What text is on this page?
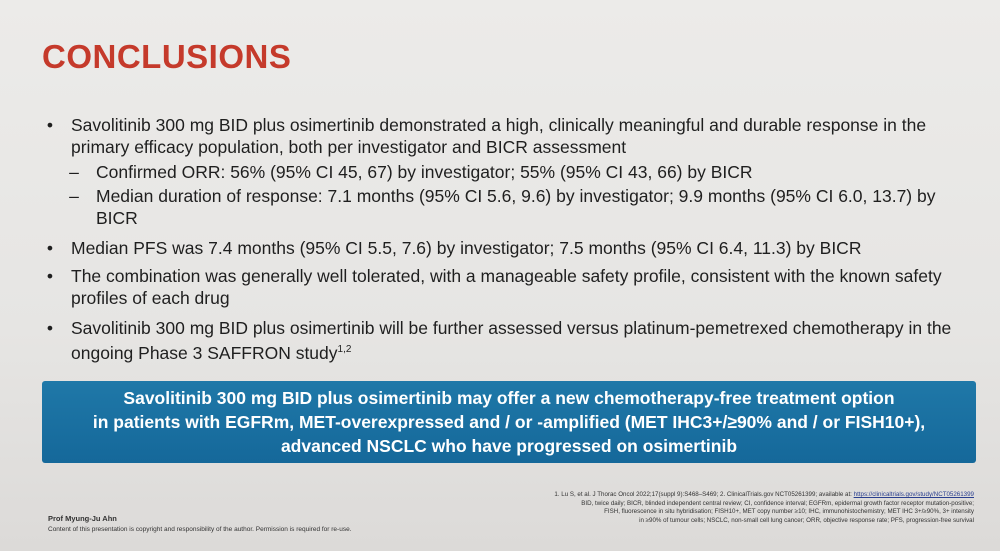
CONCLUSIONS
•	Savolitinib 300 mg BID plus osimertinib demonstrated a high, clinically meaningful and durable response in the primary efficacy population, both per investigator and BICR assessment
– Confirmed ORR: 56% (95% CI 45, 67) by investigator; 55% (95% CI 43, 66) by BICR
– Median duration of response: 7.1 months (95% CI 5.6, 9.6) by investigator; 9.9 months (95% CI 6.0, 13.7) by BICR
•	Median PFS was 7.4 months (95% CI 5.5, 7.6) by investigator; 7.5 months (95% CI 6.4, 11.3) by BICR
•	The combination was generally well tolerated, with a manageable safety profile, consistent with the known safety profiles of each drug
•	Savolitinib 300 mg BID plus osimertinib will be further assessed versus platinum-pemetrexed chemotherapy in the ongoing Phase 3 SAFFRON study$^{1,2}$
Savolitinib 300 mg BID plus osimertinib may offer a new chemotherapy-free treatment option
in patients with EGFRm, MET-overexpressed and / or -amplified (MET IHC3+/≥90% and / or FISH10+),
advanced NSCLC who have progressed on osimertinib
1. Lu S, et al. J Thorac Oncol 2022;17(suppl 9):S468–S469; 2. ClinicalTrials.gov NCT05261399; available at: https://clinicaltrials.gov/study/NCT05261399
BID, twice daily; BICR, blinded independent central review; CI, confidence interval; EGFRm, epidermal growth factor receptor mutation-positive;
FISH, fluorescence in situ hybridisation; FISH10+, MET copy number ≥10; IHC, immunohistochemistry; MET IHC 3+/≥90%, 3+ intensity
in ≥90% of tumour cells; NSCLC, non-small cell lung cancer; ORR, objective response rate; PFS, progression-free survival
Prof Myung-Ju Ahn
Content of this presentation is copyright and responsibility of the author. Permission is required for re-use.
